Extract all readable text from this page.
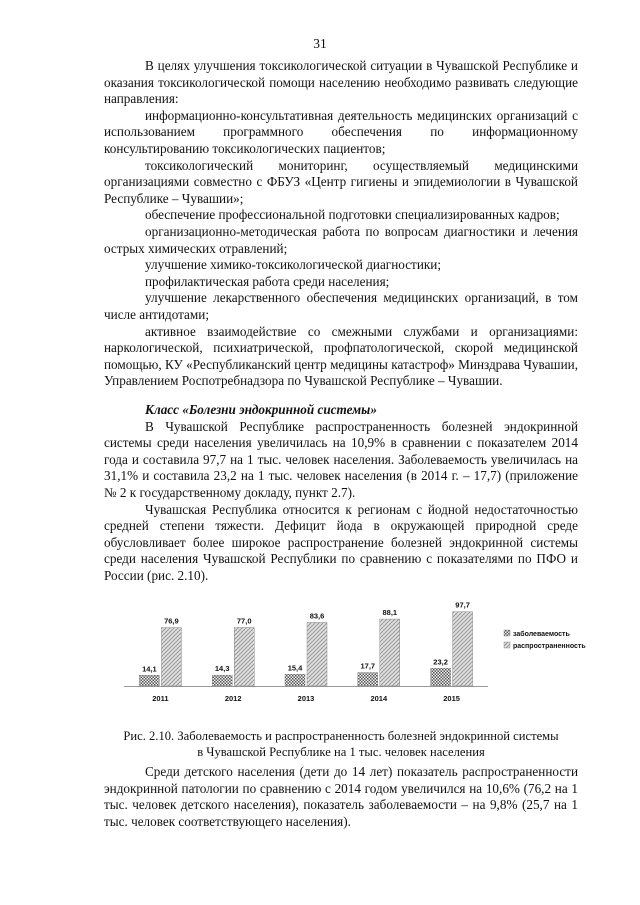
31

В целях улучшения токсикологической ситуации в Чувашской Республике и оказания токсикологической помощи населению необходимо развивать следующие направления:

информационно-консультативная деятельность медицинских организаций с использованием программного обеспечения по информационному консультированию токсикологических пациентов;

токсикологический мониторинг, осуществляемый медицинскими организациями совместно с ФБУЗ «Центр гигиены и эпидемиологии в Чувашской Республике – Чувашии»;

обеспечение профессиональной подготовки специализированных кадров;

организационно-методическая работа по вопросам диагностики и лечения острых химических отравлений;

улучшение химико-токсикологической диагностики;

профилактическая работа среди населения;

улучшение лекарственного обеспечения медицинских организаций, в том числе антидотами;

активное взаимодействие со смежными службами и организациями: наркологической, психиатрической, профпатологической, скорой медицинской помощью, КУ «Республиканский центр медицины катастроф» Минздрава Чувашии, Управлением Роспотребнадзора по Чувашской Республике – Чувашии.

Класс «Болезни эндокринной системы»

В Чувашской Республике распространенность болезней эндокринной системы среди населения увеличилась на 10,9% в сравнении с показателем 2014 года и составила 97,7 на 1 тыс. человек населения. Заболеваемость увеличилась на 31,1% и составила 23,2 на 1 тыс. человек населения (в 2014 г. – 17,7) (приложение № 2 к государственному докладу, пункт 2.7).

Чувашская Республика относится к регионам с йодной недостаточностью средней степени тяжести. Дефицит йода в окружающей природной среде обусловливает более широкое распространение болезней эндокринной системы среди населения Чувашской Республики по сравнению с показателями по ПФО и России (рис. 2.10).

14,1
76,9
2011
14,3
77,0
2012
15,4
83,6
2013
17,7
88,1
2014
23,2
97,7
2015
заболеваемость
распространенность
Рис. 2.10. Заболеваемость и распространенность болезней эндокринной системы
в Чувашской Республике на 1 тыс. человек населения

Среди детского населения (дети до 14 лет) показатель распространенности эндокринной патологии по сравнению с 2014 годом увеличился на 10,6% (76,2 на 1 тыс. человек детского населения), показатель заболеваемости – на 9,8% (25,7 на 1 тыс. человек соответствующего населения).
